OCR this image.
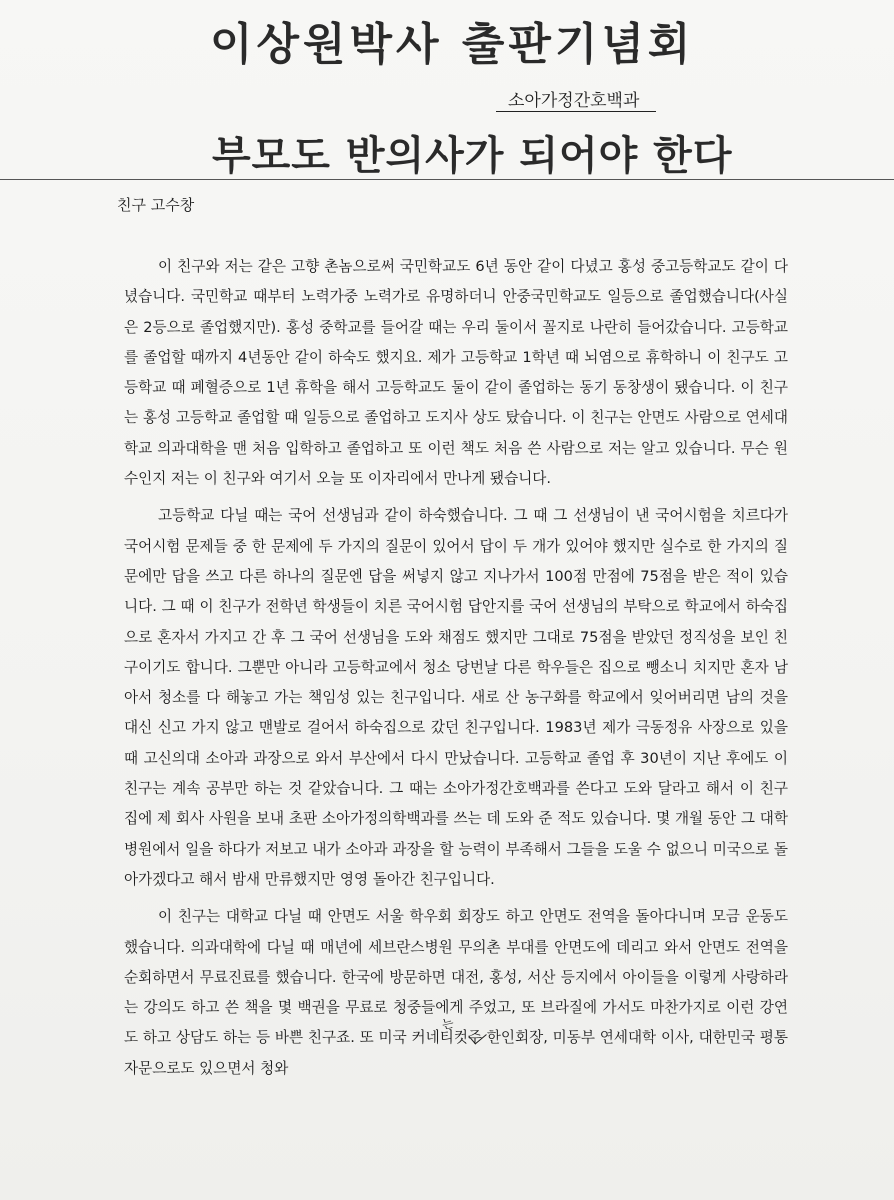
이상원박사 출판기념회
소아가정간호백과
부모도 반의사가 되어야 한다
친구 고수창

이 친구와 저는 같은 고향 촌놈으로써 국민학교도 6년 동안 같이 다녔고 홍성 중고등학교도 같이 다녔습니다. 국민학교 때부터 노력가중 노력가로 유명하더니 안중국민학교도 일등으로 졸업했습니다(사실은 2등으로 졸업했지만). 홍성 중학교를 들어갈 때는 우리 둘이서 꼴지로 나란히 들어갔습니다. 고등학교를 졸업할 때까지 4년동안 같이 하숙도 했지요. 제가 고등학교 1학년 때 뇌염으로 휴학하니 이 친구도 고등학교 때 폐혈증으로 1년 휴학을 해서 고등학교도 둘이 같이 졸업하는 동기 동창생이 됐습니다. 이 친구는 홍성 고등학교 졸업할 때 일등으로 졸업하고 도지사 상도 탔습니다. 이 친구는 안면도 사람으로 연세대학교 의과대학을 맨 처음 입학하고 졸업하고 또 이런 책도 처음 쓴 사람으로 저는 알고 있습니다. 무슨 원수인지 저는 이 친구와 여기서 오늘 또 이자리에서 만나게 됐습니다.

고등학교 다닐 때는 국어 선생님과 같이 하숙했습니다. 그 때 그 선생님이 낸 국어시험을 치르다가 국어시험 문제들 중 한 문제에 두 가지의 질문이 있어서 답이 두 개가 있어야 했지만 실수로 한 가지의 질문에만 답을 쓰고 다른 하나의 질문엔 답을 써넣지 않고 지나가서 100점 만점에 75점을 받은 적이 있습니다. 그 때 이 친구가 전학년 학생들이 치른 국어시험 답안지를 국어 선생님의 부탁으로 학교에서 하숙집으로 혼자서 가지고 간 후 그 국어 선생님을 도와 채점도 했지만 그대로 75점을 받았던 정직성을 보인 친구이기도 합니다. 그뿐만 아니라 고등학교에서 청소 당번날 다른 학우들은 집으로 뺑소니 치지만 혼자 남아서 청소를 다 해놓고 가는 책임성 있는 친구입니다. 새로 산 농구화를 학교에서 잊어버리면 남의 것을 대신 신고 가지 않고 맨발로 걸어서 하숙집으로 갔던 친구입니다. 1983년 제가 극동정유 사장으로 있을 때 고신의대 소아과 과장으로 와서 부산에서 다시 만났습니다. 고등학교 졸업 후 30년이 지난 후에도 이 친구는 계속 공부만 하는 것 같았습니다. 그 때는 소아가정간호백과를 쓴다고 도와 달라고 해서 이 친구 집에 제 회사 사원을 보내 초판 소아가정의학백과를 쓰는 데 도와 준 적도 있습니다. 몇 개월 동안 그 대학병원에서 일을 하다가 저보고 내가 소아과 과장을 할 능력이 부족해서 그들을 도울 수 없으니 미국으로 돌아가겠다고 해서 밤새 만류했지만 영영 돌아간 친구입니다.

이 친구는 대학교 다닐 때 안면도 서울 학우회 회장도 하고 안면도 전역을 돌아다니며 모금 운동도 했습니다. 의과대학에 다닐 때 매년에 세브란스병원 무의촌 부대를 안면도에 데리고 와서 안면도 전역을 순회하면서 무료진료를 했습니다. 한국에 방문하면 대전, 홍성, 서산 등지에서 아이들을 이렇게 사랑하라는 강의도 하고 쓴 책을 몇 백권을 무료로 청중들에게 주었고, 또 브라질에 가서도 마찬가지로 이런 강연도 하고 상담도 하는 등 바쁜 친구죠. 또 미국 커네티컷주 한인회장, 미동부 연세대학 이사, 대한민국 평통 자문으로도 있으면서 청와

는
